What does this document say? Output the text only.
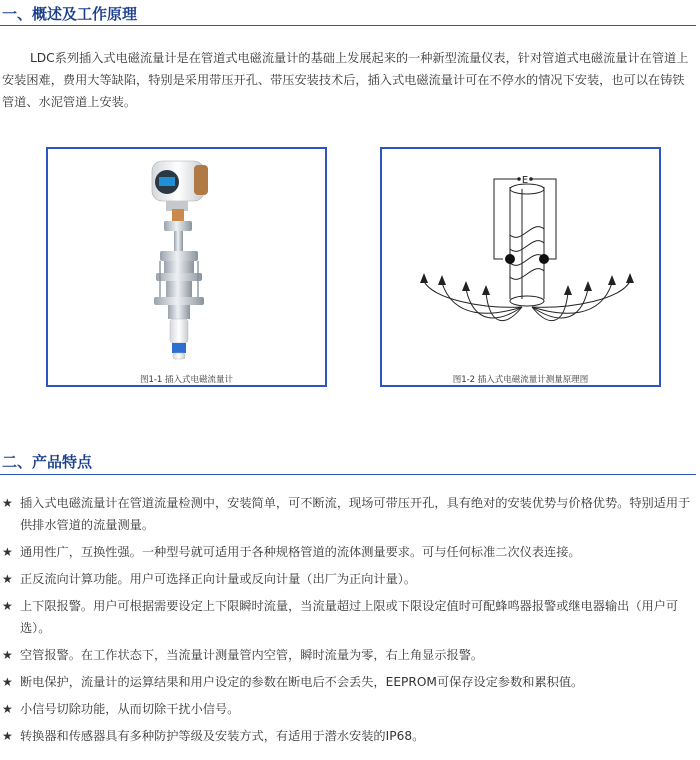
一、概述及工作原理

LDC系列插入式电磁流量计是在管道式电磁流量计的基础上发展起来的一种新型流量仪表，针对管道式电磁流量计在管道上安装困难，费用大等缺陷，特别是采用带压开孔、带压安装技术后，插入式电磁流量计可在不停水的情况下安装，也可以在铸铁管道、水泥管道上安装。

图1-1 插入式电磁流量计
E
图1-2 插入式电磁流量计测量原理图
二、产品特点
★ 插入式电磁流量计在管道流量检测中，安装简单，可不断流，现场可带压开孔，具有绝对的安装优势与价格优势。特别适用于供排水管道的流量测量。
★ 通用性广，互换性强。一种型号就可适用于各种规格管道的流体测量要求。可与任何标准二次仪表连接。
★ 正反流向计算功能。用户可选择正向计量或反向计量（出厂为正向计量）。
★ 上下限报警。用户可根据需要设定上下限瞬时流量，当流量超过上限或下限设定值时可配蜂鸣器报警或继电器输出（用户可选）。
★ 空管报警。在工作状态下，当流量计测量管内空管，瞬时流量为零，右上角显示报警。
★ 断电保护，流量计的运算结果和用户设定的参数在断电后不会丢失，EEPROM可保存设定参数和累积值。
★ 小信号切除功能，从而切除干扰小信号。
★ 转换器和传感器具有多种防护等级及安装方式，有适用于潜水安装的IP68。
